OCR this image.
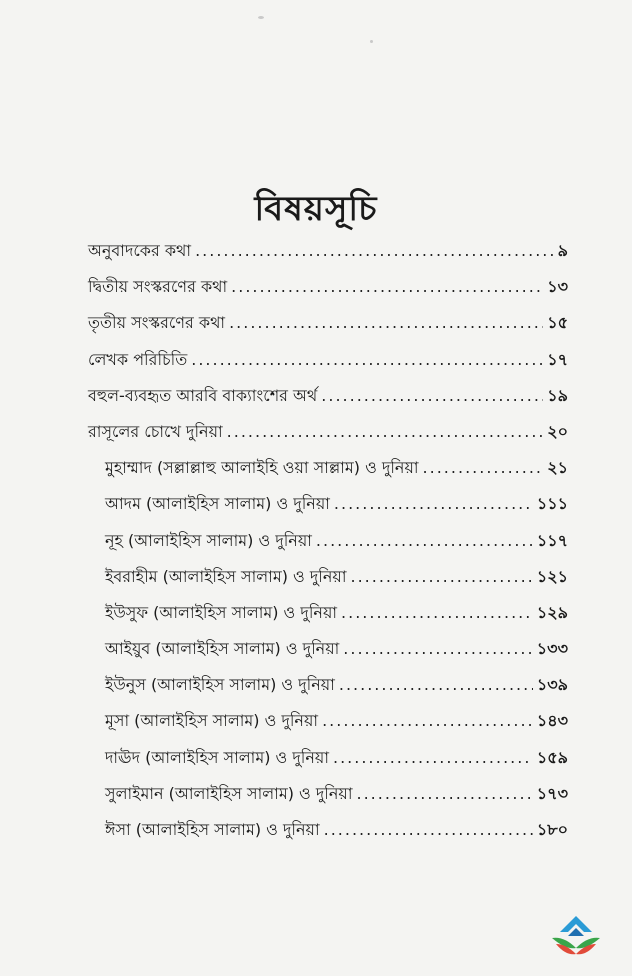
বিষয়সূচি
অনুবাদকের কথা .....	৯
দ্বিতীয় সংস্করণের কথা .....	১৩
তৃতীয় সংস্করণের কথা .....	১৫
লেখক পরিচিতি .....	১৭
বহুল-ব্যবহৃত আরবি বাক্যাংশের অর্থ .....	১৯
রাসূলের চোখে দুনিয়া .....	২০
মুহাম্মাদ (সল্লাল্লাহু আলাইহি ওয়া সাল্লাম) ও দুনিয়া .....	২১
আদম (আলাইহিস সালাম) ও দুনিয়া .....	১১১
নূহ (আলাইহিস সালাম) ও দুনিয়া .....	১১৭
ইবরাহীম (আলাইহিস সালাম) ও দুনিয়া .....	১২১
ইউসুফ (আলাইহিস সালাম) ও দুনিয়া .....	১২৯
আইয়ুব (আলাইহিস সালাম) ও দুনিয়া .....	১৩৩
ইউনুস (আলাইহিস সালাম) ও দুনিয়া .....	১৩৯
মূসা (আলাইহিস সালাম) ও দুনিয়া .....	১৪৩
দাঊদ (আলাইহিস সালাম) ও দুনিয়া .....	১৫৯
সুলাইমান (আলাইহিস সালাম) ও দুনিয়া .....	১৭৩
ঈসা (আলাইহিস সালাম) ও দুনিয়া .....	১৮০
